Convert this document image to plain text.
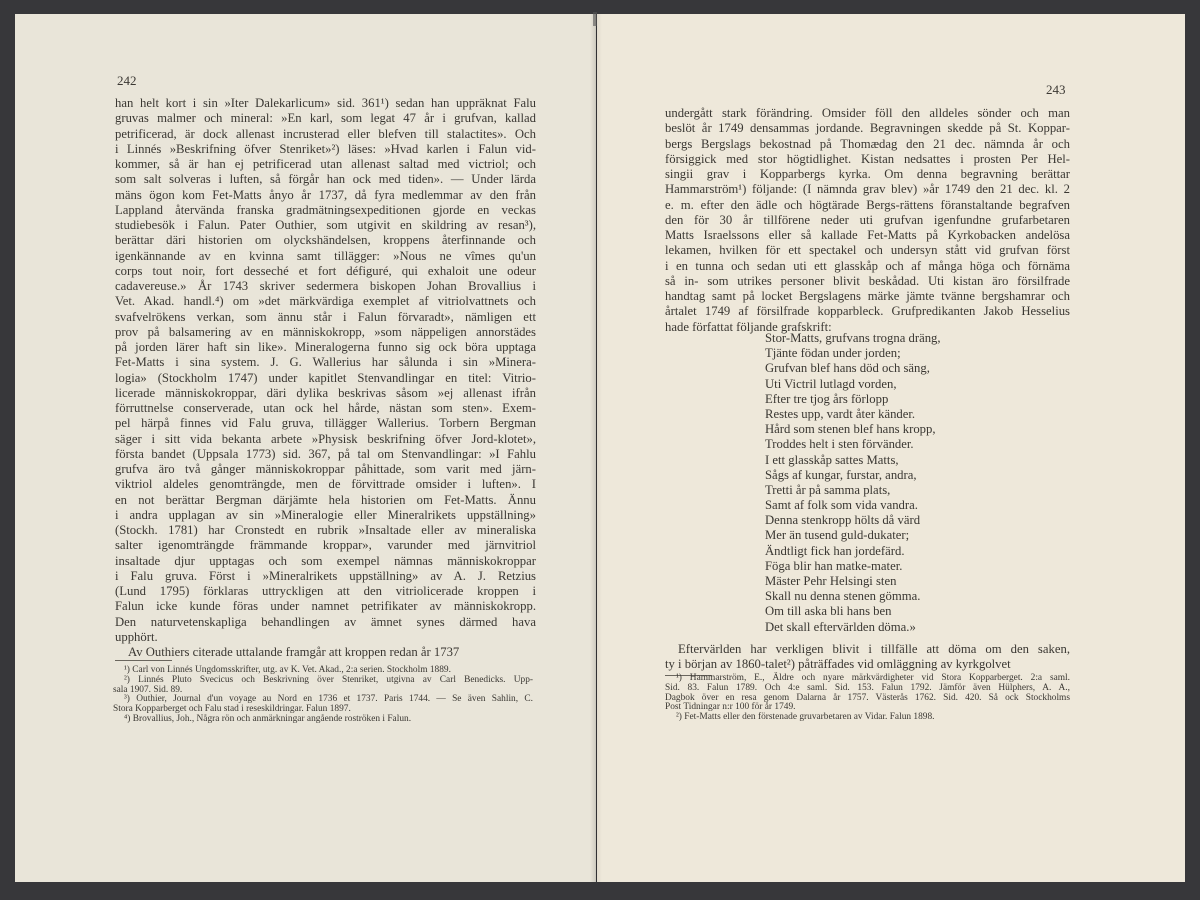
242
han helt kort i sin »Iter Dalekarlicum» sid. 361¹) sedan han uppräknat Falu
gruvas malmer och mineral: »En karl, som legat 47 år i grufvan, kallad
petrificerad, är dock allenast incrusterad eller blefven till stalactites». Och
i Linnés »Beskrifning öfver Stenriket»²) läses: »Hvad karlen i Falun vid-
kommer, så är han ej petrificerad utan allenast saltad med victriol; och
som salt solveras i luften, så förgår han ock med tiden». — Under lärda
mäns ögon kom Fet-Matts ånyo år 1737, då fyra medlemmar av den från
Lappland återvända franska gradmätningsexpeditionen gjorde en veckas
studiebesök i Falun. Pater Outhier, som utgivit en skildring av resan³),
berättar däri historien om olyckshändelsen, kroppens återfinnande och
igenkännande av en kvinna samt tillägger: »Nous ne vîmes qu'un
corps tout noir, fort desseché et fort défiguré, qui exhaloit une odeur
cadavereuse.» År 1743 skriver sedermera biskopen Johan Brovallius i
Vet. Akad. handl.⁴) om »det märkvärdiga exemplet af vitriolvattnets och
svafvelrökens verkan, som ännu står i Falun förvaradt», nämligen ett
prov på balsamering av en människokropp, »som näppeligen annorstädes
på jorden lärer haft sin like». Mineralogerna funno sig ock böra upptaga
Fet-Matts i sina system. J. G. Wallerius har sålunda i sin »Minera-
logia» (Stockholm 1747) under kapitlet Stenvandlingar en titel: Vitrio-
licerade människokroppar, däri dylika beskrivas såsom »ej allenast ifrån
förruttnelse conserverade, utan ock hel hårde, nästan som sten». Exem-
pel härpå finnes vid Falu gruva, tillägger Wallerius. Torbern Bergman
säger i sitt vida bekanta arbete »Physisk beskrifning öfver Jord-klotet»,
första bandet (Uppsala 1773) sid. 367, på tal om Stenvandlingar: »I Fahlu
grufva äro två gånger människokroppar påhittade, som varit med järn-
viktriol aldeles genomträngde, men de förvittrade omsider i luften». I
en not berättar Bergman därjämte hela historien om Fet-Matts. Ännu
i andra upplagan av sin »Mineralogie eller Mineralrikets uppställning»
(Stockh. 1781) har Cronstedt en rubrik »Insaltade eller av mineraliska
salter igenomträngde främmande kroppar», varunder med järnvitriol
insaltade djur upptagas och som exempel nämnas människokroppar
i Falu gruva. Först i »Mineralrikets uppställning» av A. J. Retzius
(Lund 1795) förklaras uttryckligen att den vitriolicerade kroppen i
Falun icke kunde föras under namnet petrifikater av människokropp.
Den naturvetenskapliga behandlingen av ämnet synes därmed hava
upphört.
Av Outhiers citerade uttalande framgår att kroppen redan år 1737
¹) Carl von Linnés Ungdomsskrifter, utg. av K. Vet. Akad., 2:a serien. Stockholm 1889.
²) Linnés Pluto Svecicus och Beskrivning över Stenriket, utgivna av Carl Benedicks. Upp-
sala 1907. Sid. 89.
³) Outhier, Journal d'un voyage au Nord en 1736 et 1737. Paris 1744. — Se även Sahlin, C.
Stora Kopparberget och Falu stad i reseskildringar. Falun 1897.
⁴) Brovallius, Joh., Några rön och anmärkningar angående roströken i Falun.
243
undergått stark förändring. Omsider föll den alldeles sönder och man
beslöt år 1749 densammas jordande. Begravningen skedde på St. Koppar-
bergs Bergslags bekostnad på Thomædag den 21 dec. nämnda år och
försiggick med stor högtidlighet. Kistan nedsattes i prosten Per Hel-
singii grav i Kopparbergs kyrka. Om denna begravning berättar
Hammarström¹) följande: (I nämnda grav blev) »år 1749 den 21 dec. kl. 2
e. m. efter den ädle och högtärade Bergs-rättens föranstaltande begrafven
den för 30 år tillförene neder uti grufvan igenfundne grufarbetaren
Matts Israelssons eller så kallade Fet-Matts på Kyrkobacken andelösa
lekamen, hvilken för ett spectakel och undersyn stått vid grufvan först
i en tunna och sedan uti ett glasskåp och af många höga och förnäma
så in- som utrikes personer blivit beskådad. Uti kistan äro försilfrade
handtag samt på locket Bergslagens märke jämte tvänne bergshamrar och
årtalet 1749 af försilfrade kopparbleck. Grufpredikanten Jakob Hesselius
hade författat följande grafskrift:
Stor-Matts, grufvans trogna dräng,
Tjänte födan under jorden;
Grufvan blef hans död och säng,
Uti Victril lutlagd vorden,
Efter tre tjog års förlopp
Restes upp, vardt åter känder.
Hård som stenen blef hans kropp,
Troddes helt i sten förvänder.
I ett glasskåp sattes Matts,
Sågs af kungar, furstar, andra,
Tretti år på samma plats,
Samt af folk som vida vandra.
Denna stenkropp hölts då värd
Mer än tusend guld-dukater;
Ändtligt fick han jordefärd.
Föga blir han matke-mater.
Mäster Pehr Helsingi sten
Skall nu denna stenen gömma.
Om till aska bli hans ben
Det skall eftervärlden döma.»
Eftervärlden har verkligen blivit i tillfälle att döma om den saken,
ty i början av 1860-talet²) påträffades vid omläggning av kyrkgolvet
¹) Hammarström, E., Äldre och nyare märkvärdigheter vid Stora Kopparberget. 2:a saml.
Sid. 83. Falun 1789. Och 4:e saml. Sid. 153. Falun 1792. Jämför även Hülphers, A. A.,
Dagbok över en resa genom Dalarna år 1757. Västerås 1762. Sid. 420. Så ock Stockholms
Post Tidningar n:r 100 för år 1749.
²) Fet-Matts eller den förstenade gruvarbetaren av Vidar. Falun 1898.
